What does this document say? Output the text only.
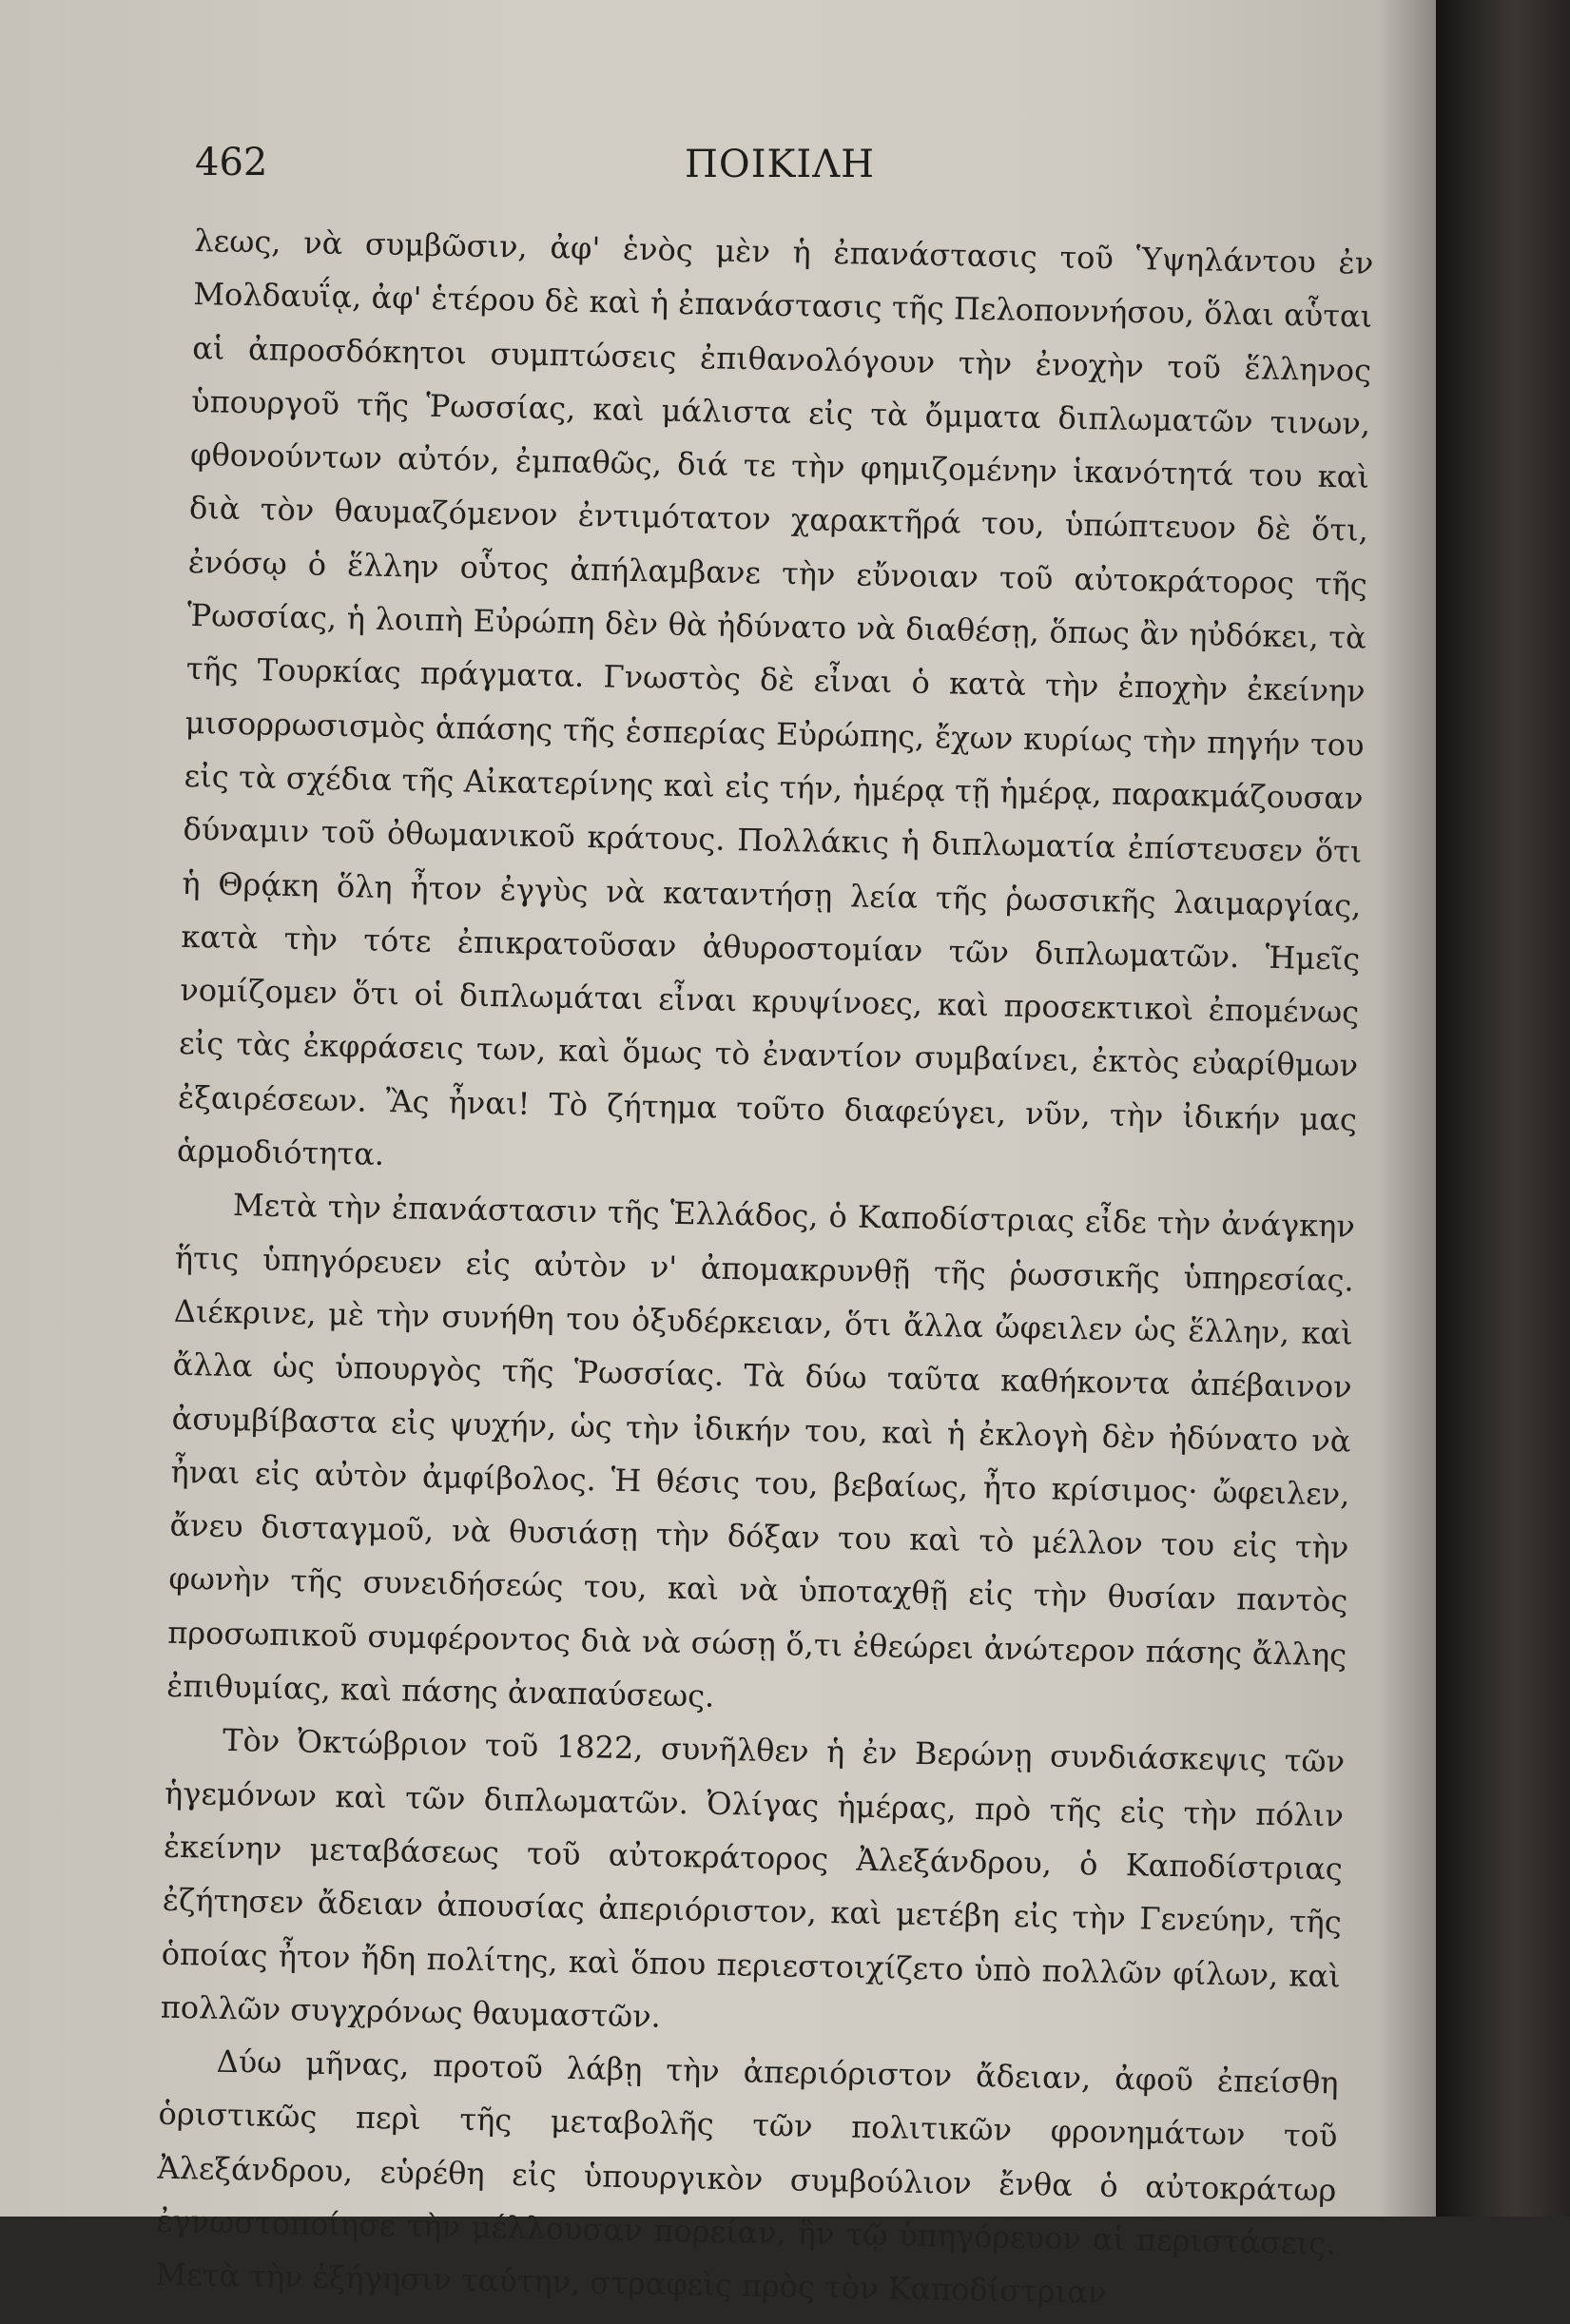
462	ΠΟΙΚΙΛΗ

λεως, νὰ συμβῶσιν, ἀφ' ἑνὸς μὲν ἡ ἐπανάστασις τοῦ Ὑψηλάντου ἐν Μολδαυΐᾳ, ἀφ' ἑτέρου δὲ καὶ ἡ ἐπανάστασις τῆς Πελοποννήσου, ὅλαι αὗται αἱ ἀπροσδόκητοι συμπτώσεις ἐπιθανολόγουν τὴν ἐνοχὴν τοῦ ἕλληνος ὑπουργοῦ τῆς Ῥωσσίας, καὶ μάλιστα εἰς τὰ ὄμματα διπλωματῶν τινων, φθονούντων αὐτόν, ἐμπαθῶς, διά τε τὴν φημιζομένην ἱκανότητά του καὶ διὰ τὸν θαυμαζόμενον ἐντιμότατον χαρακτῆρά του, ὑπώπτευον δὲ ὅτι, ἐνόσῳ ὁ ἕλλην οὗτος ἀπήλαμβανε τὴν εὔνοιαν τοῦ αὐτοκράτορος τῆς Ῥωσσίας, ἡ λοιπὴ Εὐρώπη δὲν θὰ ἠδύνατο νὰ διαθέσῃ, ὅπως ἂν ηὐδόκει, τὰ τῆς Τουρκίας πράγματα. Γνωστὸς δὲ εἶναι ὁ κατὰ τὴν ἐποχὴν ἐκείνην μισορρωσισμὸς ἁπάσης τῆς ἑσπερίας Εὐρώπης, ἔχων κυρίως τὴν πηγήν του εἰς τὰ σχέδια τῆς Αἰκατερίνης καὶ εἰς τήν, ἡμέρᾳ τῇ ἡμέρᾳ, παρακμάζουσαν δύναμιν τοῦ ὀθωμανικοῦ κράτους. Πολλάκις ἡ διπλωματία ἐπίστευσεν ὅτι ἡ Θρᾴκη ὅλη ἦτον ἐγγὺς νὰ καταντήσῃ λεία τῆς ῥωσσικῆς λαιμαργίας, κατὰ τὴν τότε ἐπικρατοῦσαν ἀθυροστομίαν τῶν διπλωματῶν. Ἡμεῖς νομίζομεν ὅτι οἱ διπλωμάται εἶναι κρυψίνοες, καὶ προσεκτικοὶ ἐπομένως εἰς τὰς ἐκφράσεις των, καὶ ὅμως τὸ ἐναντίον συμβαίνει, ἐκτὸς εὐαρίθμων ἐξαιρέσεων. Ἂς ἦναι! Τὸ ζήτημα τοῦτο διαφεύγει, νῦν, τὴν ἰδικήν μας ἁρμοδιότητα.

Μετὰ τὴν ἐπανάστασιν τῆς Ἑλλάδος, ὁ Καποδίστριας εἶδε τὴν ἀνάγκην ἥτις ὑπηγόρευεν εἰς αὐτὸν ν' ἀπομακρυνθῇ τῆς ῥωσσικῆς ὑπηρεσίας. Διέκρινε, μὲ τὴν συνήθη του ὀξυδέρκειαν, ὅτι ἄλλα ὤφειλεν ὡς ἕλλην, καὶ ἄλλα ὡς ὑπουργὸς τῆς Ῥωσσίας. Τὰ δύω ταῦτα καθήκοντα ἀπέβαινον ἀσυμβίβαστα εἰς ψυχήν, ὡς τὴν ἰδικήν του, καὶ ἡ ἐκλογὴ δὲν ἠδύνατο νὰ ἦναι εἰς αὐτὸν ἀμφίβολος. Ἡ θέσις του, βεβαίως, ἦτο κρίσιμος· ὤφειλεν, ἄνευ δισταγμοῦ, νὰ θυσιάσῃ τὴν δόξαν του καὶ τὸ μέλλον του εἰς τὴν φωνὴν τῆς συνειδήσεώς του, καὶ νὰ ὑποταχθῇ εἰς τὴν θυσίαν παντὸς προσωπικοῦ συμφέροντος διὰ νὰ σώσῃ ὅ,τι ἐθεώρει ἀνώτερον πάσης ἄλλης ἐπιθυμίας, καὶ πάσης ἀναπαύσεως.

Τὸν Ὀκτώβριον τοῦ 1822, συνῆλθεν ἡ ἐν Βερώνῃ συνδιάσκεψις τῶν ἡγεμόνων καὶ τῶν διπλωματῶν. Ὀλίγας ἡμέρας, πρὸ τῆς εἰς τὴν πόλιν ἐκείνην μεταβάσεως τοῦ αὐτοκράτορος Ἀλεξάνδρου, ὁ Καποδίστριας ἐζήτησεν ἄδειαν ἀπουσίας ἀπεριόριστον, καὶ μετέβη εἰς τὴν Γενεύην, τῆς ὁποίας ἦτον ἤδη πολίτης, καὶ ὅπου περιεστοιχίζετο ὑπὸ πολλῶν φίλων, καὶ πολλῶν συγχρόνως θαυμαστῶν.

Δύω μῆνας, προτοῦ λάβῃ τὴν ἀπεριόριστον ἄδειαν, ἀφοῦ ἐπείσθη ὁριστικῶς περὶ τῆς μεταβολῆς τῶν πολιτικῶν φρονημάτων τοῦ Ἀλεξάνδρου, εὑρέθη εἰς ὑπουργικὸν συμβούλιον ἔνθα ὁ αὐτοκράτωρ ἐγνωστοποίησε τὴν μέλλουσαν πορείαν, ἣν τῷ ὑπηγόρευον αἱ περιστάσεις. Μετὰ τὴν ἐξήγησιν ταύτην, στραφεὶς πρὸς τὸν Καποδίστριαν
